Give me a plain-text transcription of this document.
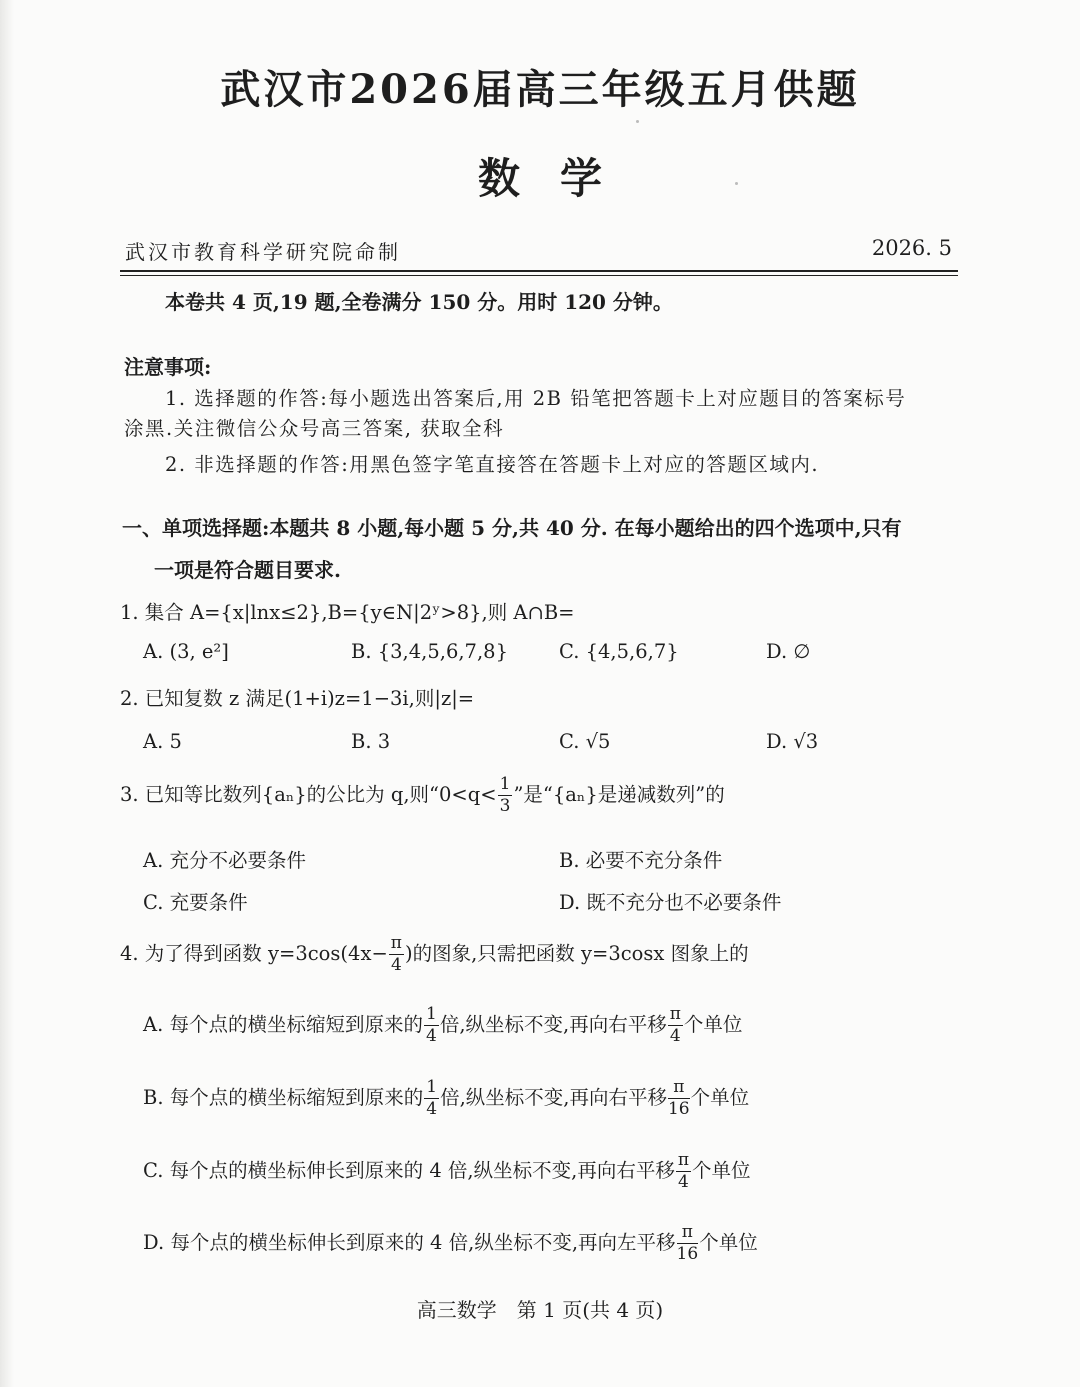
武汉市2026届高三年级五月供题
数学
武汉市教育科学研究院命制	2026. 5
本卷共 4 页,19 题,全卷满分 150 分。用时 120 分钟。
注意事项:
1. 选择题的作答:每小题选出答案后,用 2B 铅笔把答题卡上对应题目的答案标号
涂黑.关注微信公众号高三答案, 获取全科
2. 非选择题的作答:用黑色签字笔直接答在答题卡上对应的答题区域内.
一、单项选择题:本题共 8 小题,每小题 5 分,共 40 分. 在每小题给出的四个选项中,只有
一项是符合题目要求.
1. 集合 A={x|lnx≤2},B={y∈N|2ʸ>8},则 A∩B=
A. (3, e²]	B. {3,4,5,6,7,8}	C. {4,5,6,7}	D. ∅
2. 已知复数 z 满足(1+i)z=1−3i,则|z|=
A. 5	B. 3	C. √5	D. √3
3. 已知等比数列{aₙ}的公比为 q,则“$0<q< \frac{1}{3}$ ”是“{aₙ}是递减数列”的
A. 充分不必要条件	B. 必要不充分条件
C. 充要条件	D. 既不充分也不必要条件
4. 为了得到函数 $y=3\cos(4x- \frac{\pi}{4}$ )的图象,只需把函数 y=3cosx 图象上的
A. 每个点的横坐标缩短到原来的 $\frac{1}{4}$ 倍,纵坐标不变,再向右平移 $\frac{\pi}{4}$ 个单位
B. 每个点的横坐标缩短到原来的 $\frac{1}{4}$ 倍,纵坐标不变,再向右平移 $\frac{\pi}{16}$ 个单位
C. 每个点的横坐标伸长到原来的 4 倍,纵坐标不变,再向右平移 $\frac{\pi}{4}$ 个单位
D. 每个点的横坐标伸长到原来的 4 倍,纵坐标不变,再向左平移 $\frac{\pi}{16}$ 个单位
高三数学　第 1 页(共 4 页)
